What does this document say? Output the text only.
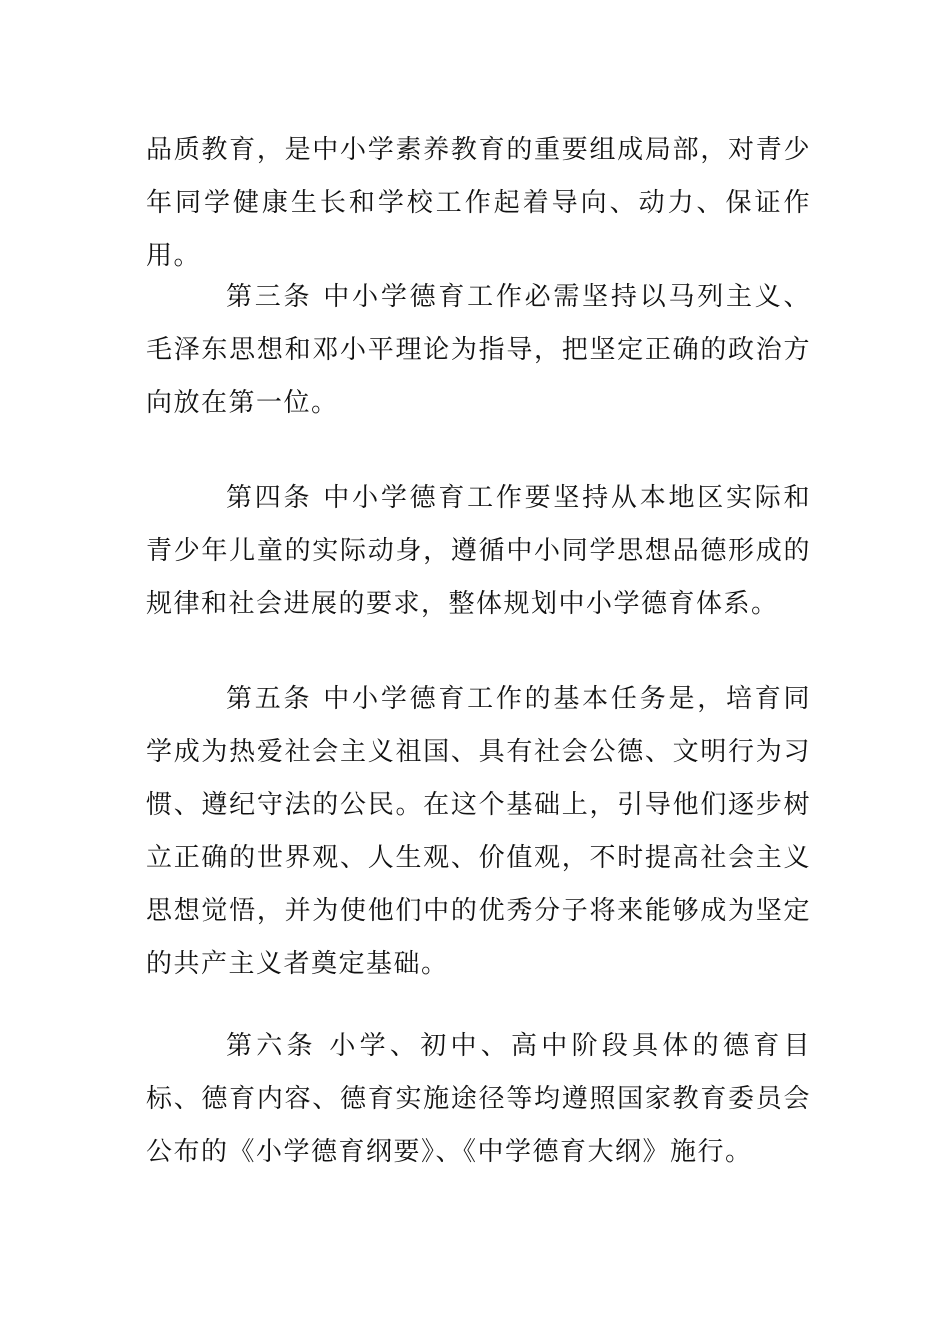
品质教育，是中小学素养教育的重要组成局部，对青少年同学健康生长和学校工作起着导向、动力、保证作用。

第三条 中小学德育工作必需坚持以马列主义、毛泽东思想和邓小平理论为指导，把坚定正确的政治方向放在第一位。

第四条 中小学德育工作要坚持从本地区实际和青少年儿童的实际动身，遵循中小同学思想品德形成的规律和社会进展的要求，整体规划中小学德育体系。

第五条 中小学德育工作的基本任务是，培育同学成为热爱社会主义祖国、具有社会公德、文明行为习惯、遵纪守法的公民。在这个基础上，引导他们逐步树立正确的世界观、人生观、价值观，不时提高社会主义思想觉悟，并为使他们中的优秀分子将来能够成为坚定的共产主义者奠定基础。

第六条 小学、初中、高中阶段具体的德育目标、德育内容、德育实施途径等均遵照国家教育委员会公布的《小学德育纲要》、《中学德育大纲》施行。
